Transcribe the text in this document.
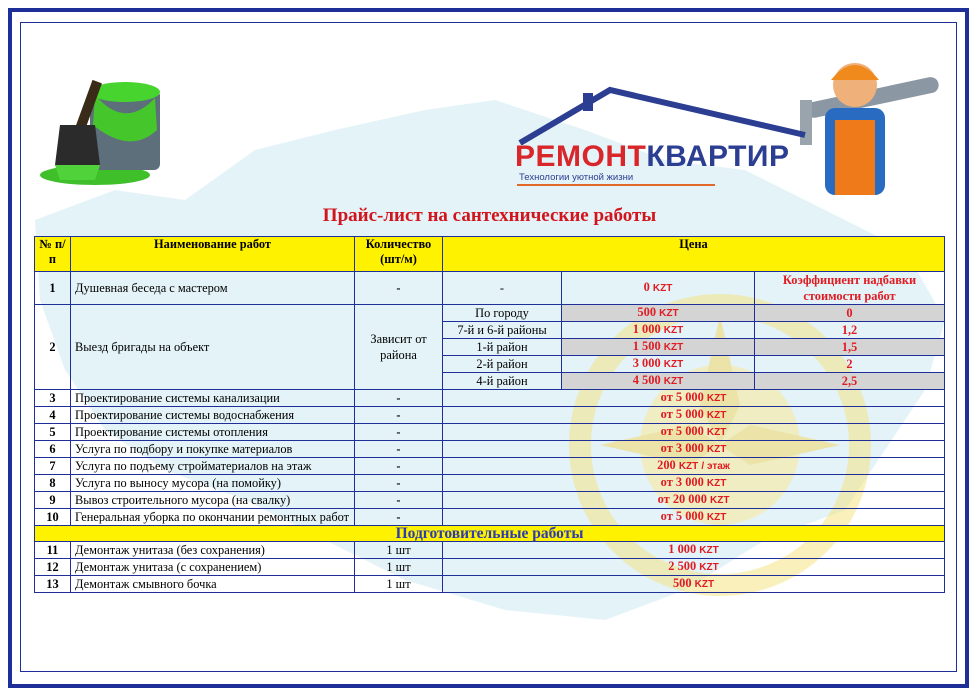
РЕМОНТКВАРТИР
Технологии уютной жизни
Прайс-лист на сантехнические работы
№ п/п	Наименование работ	Количество (шт/м)	Цена		
1	Душевная беседа с мастером	-	-	0 KZT	Коэффициент надбавки стоимости работ
2	Выезд бригады на объект	Зависит от района	По городу	500 KZT	0
			7-й и 6-й районы	1 000 KZT	1,2
			1-й район	1 500 KZT	1,5
			2-й район	3 000 KZT	2
			4-й район	4 500 KZT	2,5
3	Проектирование системы канализации	-	от 5 000 KZT		
4	Проектирование системы водоснабжения	-	от 5 000 KZT		
5	Проектирование системы отопления	-	от 5 000 KZT		
6	Услуга по подбору и покупке материалов	-	от 3 000 KZT		
7	Услуга по подъему стройматериалов на этаж	-	200 KZT / этаж		
8	Услуга по выносу мусора (на помойку)	-	от 3 000 KZT		
9	Вывоз строительного мусора (на свалку)	-	от 20 000 KZT		
10	Генеральная уборка по окончании ремонтных работ	-	от 5 000 KZT		
Подготовительные работы					
11	Демонтаж унитаза (без сохранения)	1 шт	1 000 KZT		
12	Демонтаж унитаза (с сохранением)	1 шт	2 500 KZT		
13	Демонтаж смывного бочка	1 шт	500 KZT		
